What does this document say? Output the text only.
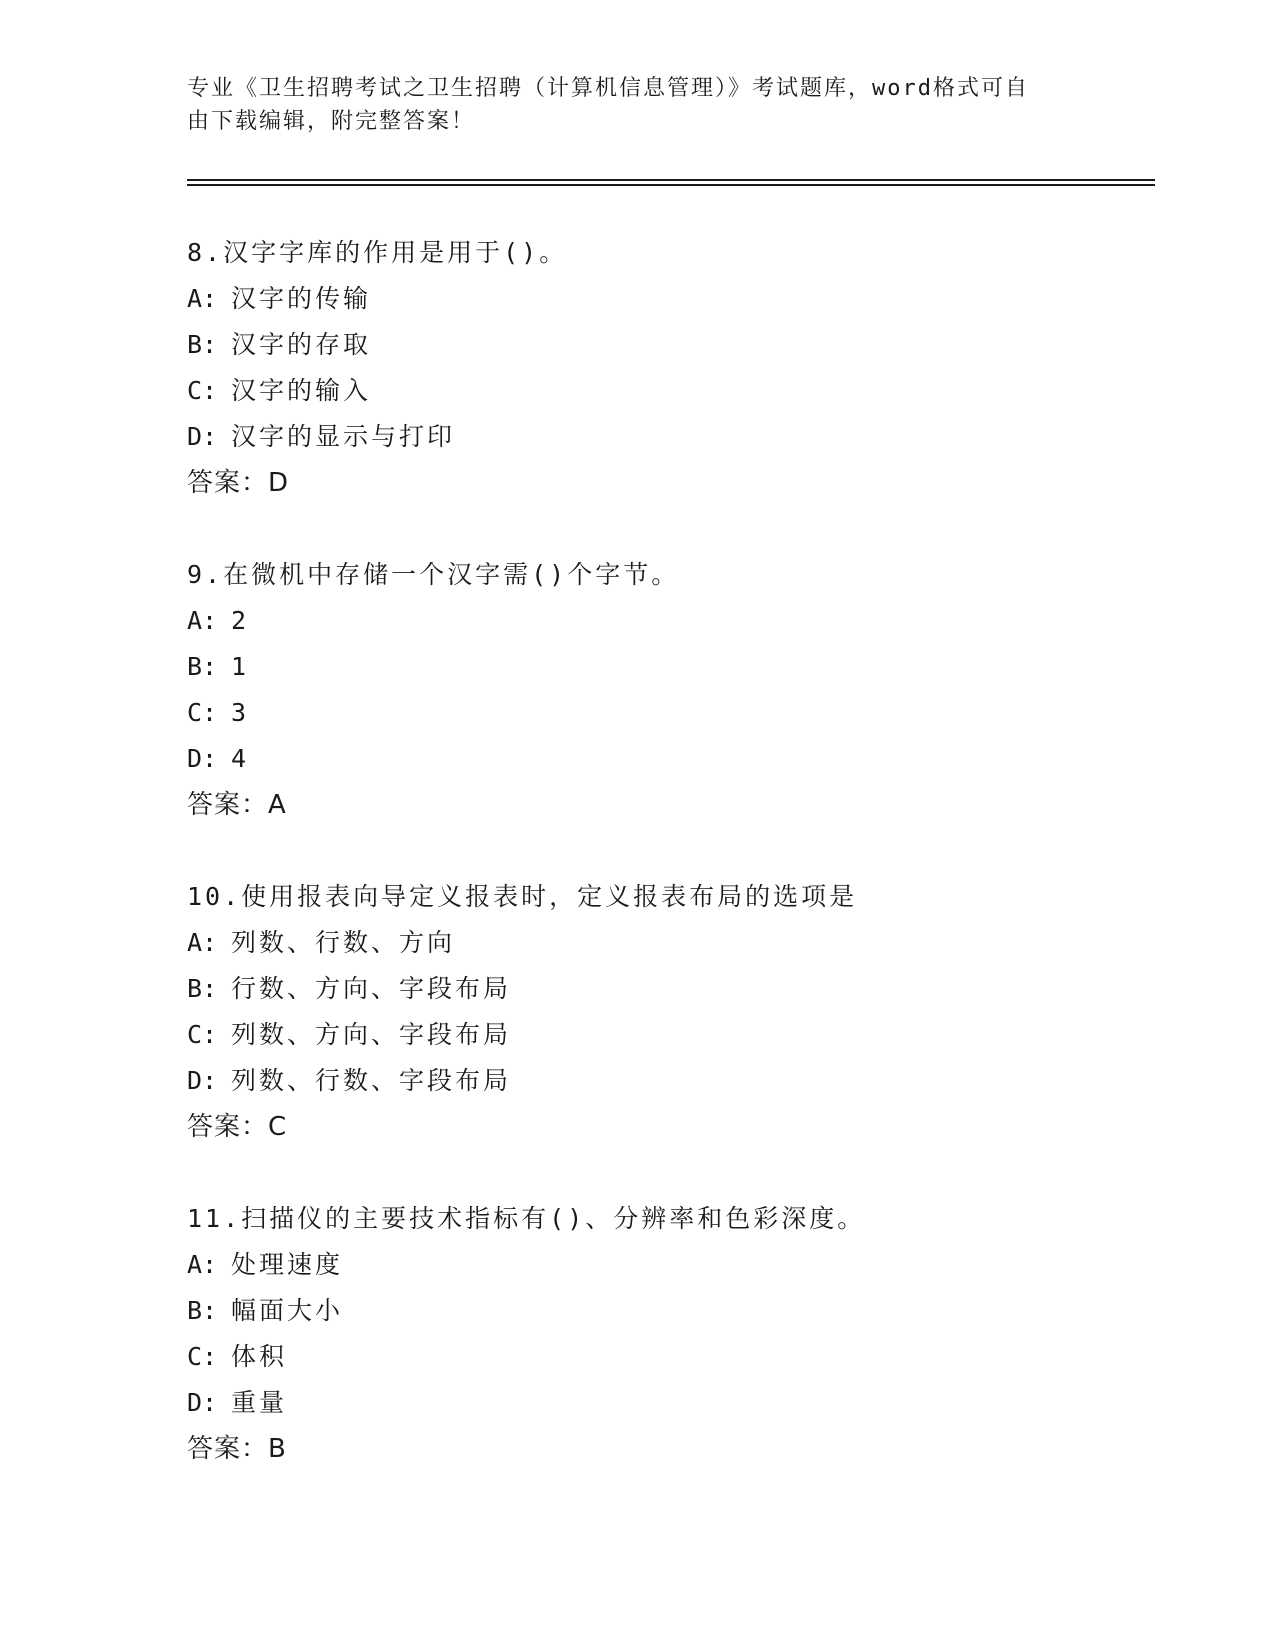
专业《卫生招聘考试之卫生招聘（计算机信息管理）》考试题库，word格式可自
由下载编辑，附完整答案！
8.汉字字库的作用是用于()。
A: 汉字的传输
B: 汉字的存取
C: 汉字的输入
D: 汉字的显示与打印
答案：D
9.在微机中存储一个汉字需()个字节。
A: 2
B: 1
C: 3
D: 4
答案：A
10.使用报表向导定义报表时，定义报表布局的选项是
A: 列数、行数、方向
B: 行数、方向、字段布局
C: 列数、方向、字段布局
D: 列数、行数、字段布局
答案：C
11.扫描仪的主要技术指标有()、分辨率和色彩深度。
A: 处理速度
B: 幅面大小
C: 体积
D: 重量
答案：B
